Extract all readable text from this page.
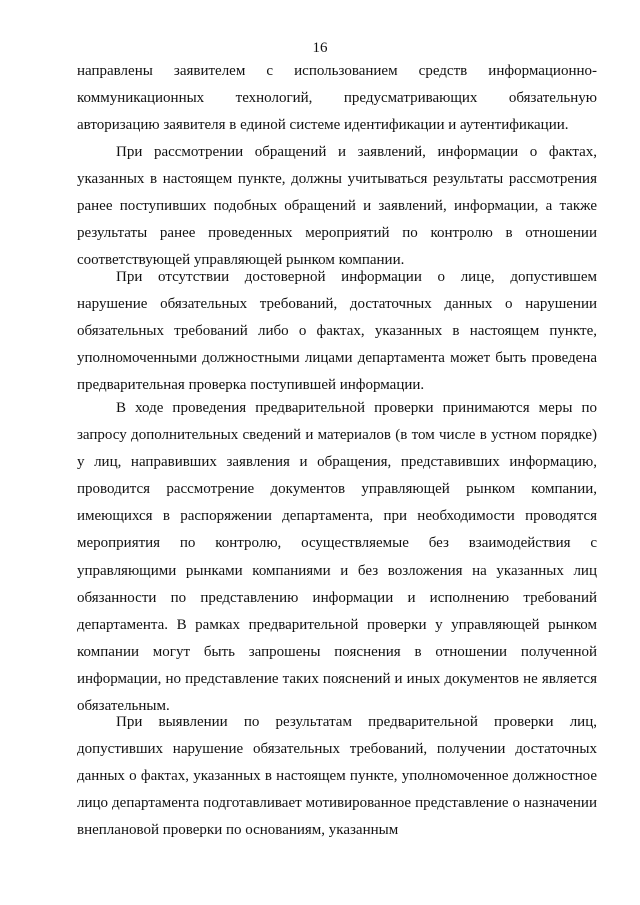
16
направлены заявителем с использованием средств информационно-
коммуникационных технологий, предусматривающих обязательную
авторизацию заявителя в единой системе идентификации и аутентификации.

При рассмотрении обращений и заявлений, информации о фактах, указанных в настоящем пункте, должны учитываться результаты рассмотрения ранее поступивших подобных обращений и заявлений, информации, а также результаты ранее проведенных мероприятий по контролю в отношении соответствующей управляющей рынком компании.

При отсутствии достоверной информации о лице, допустившем нарушение обязательных требований, достаточных данных о нарушении обязательных требований либо о фактах, указанных в настоящем пункте, уполномоченными должностными лицами департамента может быть проведена предварительная проверка поступившей информации.

В ходе проведения предварительной проверки принимаются меры по запросу дополнительных сведений и материалов (в том числе в устном порядке) у лиц, направивших заявления и обращения, представивших информацию, проводится рассмотрение документов управляющей рынком компании, имеющихся в распоряжении департамента, при необходимости проводятся мероприятия по контролю, осуществляемые без взаимодействия с управляющими рынками компаниями и без возложения на указанных лиц обязанности по представлению информации и исполнению требований департамента. В рамках предварительной проверки у управляющей рынком компании могут быть запрошены пояснения в отношении полученной информации, но представление таких пояснений и иных документов не является обязательным.

При выявлении по результатам предварительной проверки лиц, допустивших нарушение обязательных требований, получении достаточных данных о фактах, указанных в настоящем пункте, уполномоченное должностное лицо департамента подготавливает мотивированное представление о назначении внеплановой проверки по основаниям, указанным
